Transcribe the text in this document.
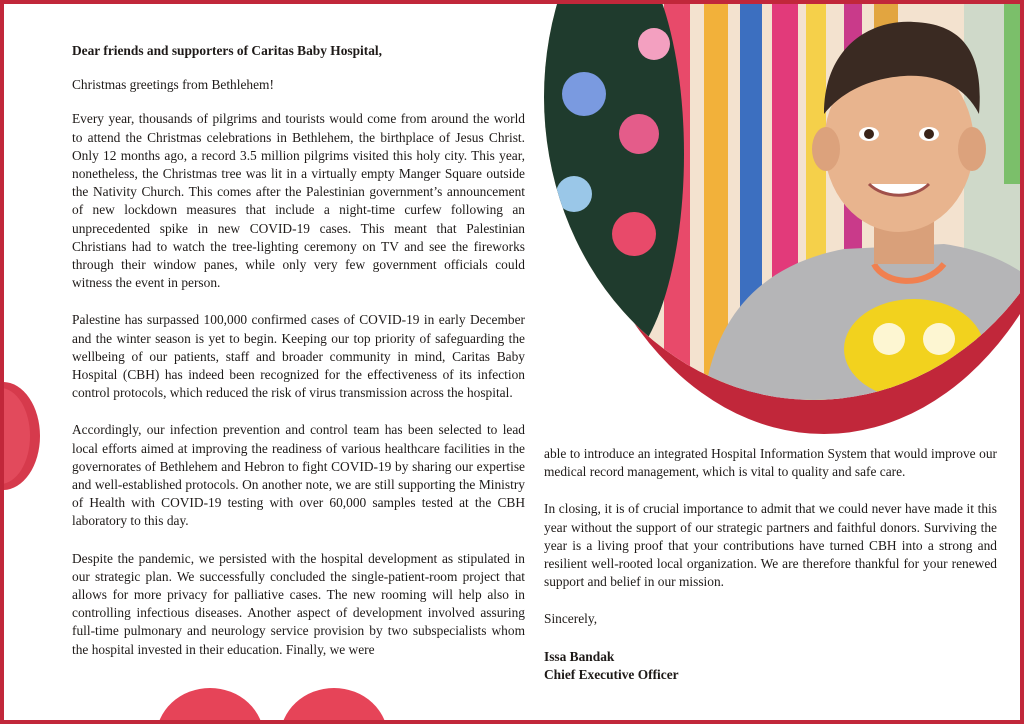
Dear friends and supporters of Caritas Baby Hospital,

Christmas greetings from Bethlehem!

Every year, thousands of pilgrims and tourists would come from around the world to attend the Christmas celebrations in Bethlehem, the birthplace of Jesus Christ. Only 12 months ago, a record 3.5 million pilgrims visited this holy city. This year, nonetheless, the Christmas tree was lit in a virtually empty Manger Square outside the Nativity Church. This comes after the Palestinian government’s announcement of new lockdown measures that include a night-time curfew following an unprecedented spike in new COVID-19 cases. This meant that Palestinian Christians had to watch the tree-lighting ceremony on TV and see the fireworks through their window panes, while only very few government officials could witness the event in person.

Palestine has surpassed 100,000 confirmed cases of COVID-19 in early December and the winter season is yet to begin. Keeping our top priority of safeguarding the wellbeing of our patients, staff and broader community in mind, Caritas Baby Hospital (CBH) has indeed been recognized for the effectiveness of its infection control protocols, which reduced the risk of virus transmission across the hospital.

Accordingly, our infection prevention and control team has been selected to lead local efforts aimed at improving the readiness of various healthcare facilities in the governorates of Bethlehem and Hebron to fight COVID-19 by sharing our expertise and well-established protocols. On another note, we are still supporting the Ministry of Health with COVID-19 testing with over 60,000 samples tested at the CBH laboratory to this day.

Despite the pandemic, we persisted with the hospital development as stipulated in our strategic plan. We successfully concluded the single-patient-room project that allows for more privacy for palliative cases. The new rooming will help also in controlling infectious diseases. Another aspect of development involved assuring full-time pulmonary and neurology service provision by two subspecialists whom the hospital invested in their education. Finally, we were

able to introduce an integrated Hospital Information System that would improve our medical record management, which is vital to quality and safe care.

In closing, it is of crucial importance to admit that we could never have made it this year without the support of our strategic partners and faithful donors. Surviving the year is a living proof that your contributions have turned CBH into a strong and resilient well-rooted local organization. We are therefore thankful for your renewed support and belief in our mission.

Sincerely,

Issa Bandak

Chief Executive Officer
